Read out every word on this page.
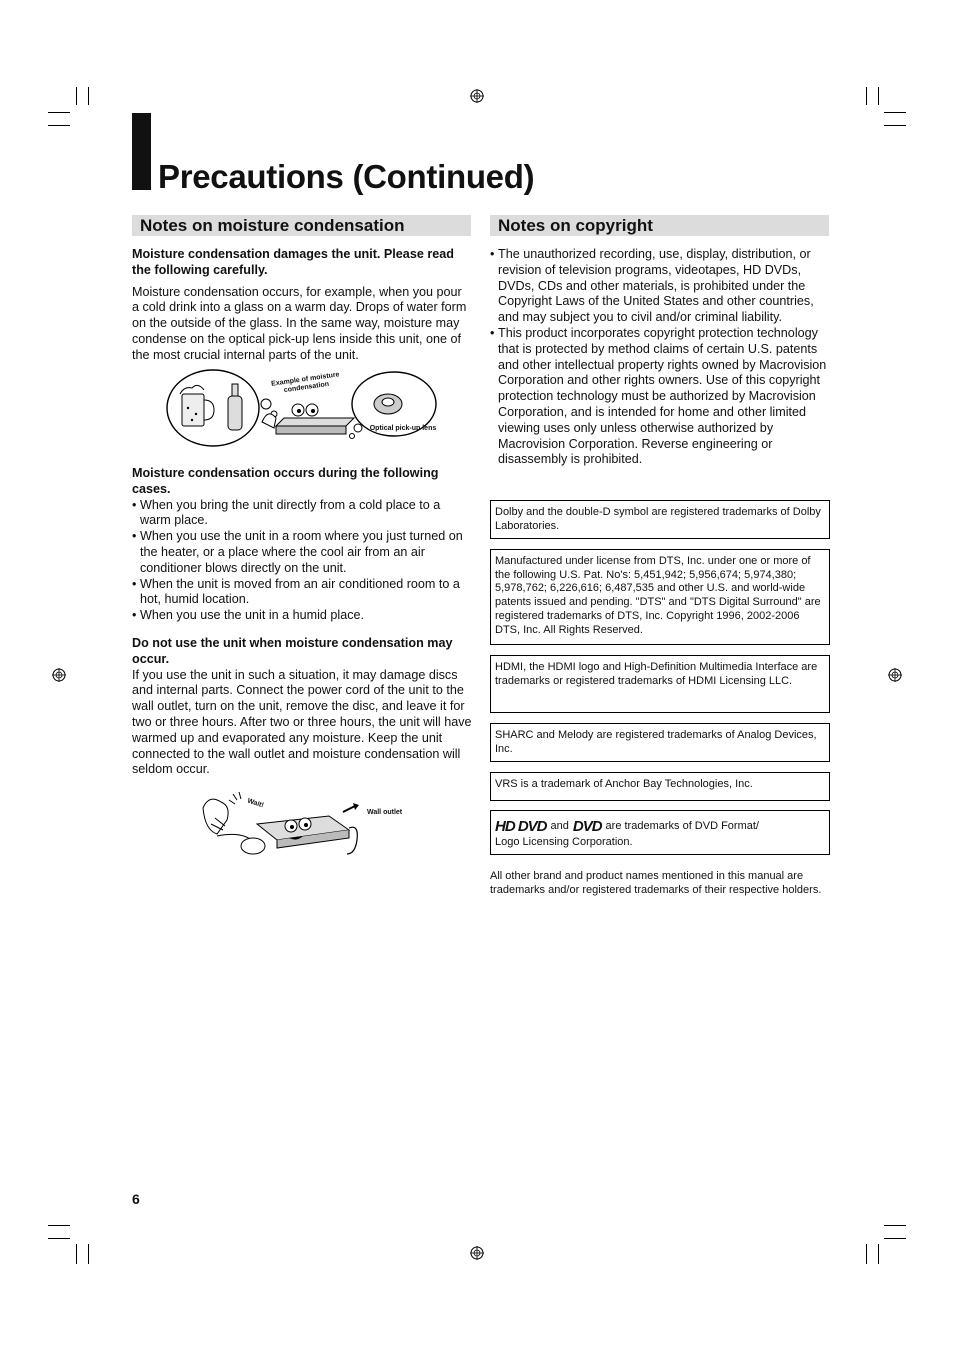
Precautions (Continued)
Notes on moisture condensation

Moisture condensation damages the unit. Please read the following carefully.

Moisture condensation occurs, for example, when you pour a cold drink into a glass on a warm day. Drops of water form on the outside of the glass. In the same way, moisture may condense on the optical pick-up lens inside this unit, one of the most crucial internal parts of the unit.

Example of moisture condensation
Optical pick-up lens

Moisture condensation occurs during the following cases.

• When you bring the unit directly from a cold place to a warm place.
• When you use the unit in a room where you just turned on the heater, or a place where the cool air from an air conditioner blows directly on the unit.
• When the unit is moved from an air conditioned room to a hot, humid location.
• When you use the unit in a humid place.

Do not use the unit when moisture condensation may occur.

If you use the unit in such a situation, it may damage discs and internal parts. Connect the power cord of the unit to the wall outlet, turn on the unit, remove the disc, and leave it for two or three hours. After two or three hours, the unit will have warmed up and evaporated any moisture. Keep the unit connected to the wall outlet and moisture condensation will seldom occur.

Wait!
Wall outlet
Notes on copyright
• The unauthorized recording, use, display, distribution, or revision of television programs, videotapes, HD DVDs, DVDs, CDs and other materials, is prohibited under the Copyright Laws of the United States and other countries, and may subject you to civil and/or criminal liability.
• This product incorporates copyright protection technology that is protected by method claims of certain U.S. patents and other intellectual property rights owned by Macrovision Corporation and other rights owners. Use of this copyright protection technology must be authorized by Macrovision Corporation, and is intended for home and other limited viewing uses only unless otherwise authorized by Macrovision Corporation. Reverse engineering or disassembly is prohibited.
Dolby and the double-D symbol are registered trademarks of Dolby Laboratories.
Manufactured under license from DTS, Inc. under one or more of the following U.S. Pat. No's: 5,451,942; 5,956,674; 5,974,380; 5,978,762; 6,226,616; 6,487,535 and other U.S. and world-wide patents issued and pending. "DTS" and "DTS Digital Surround" are registered trademarks of DTS, Inc. Copyright 1996, 2002-2006 DTS, Inc. All Rights Reserved.
HDMI, the HDMI logo and High-Definition Multimedia Interface are trademarks or registered trademarks of HDMI Licensing LLC.
SHARC and Melody are registered trademarks of Analog Devices, Inc.
VRS is a trademark of Anchor Bay Technologies, Inc.
HD DVD and DVD are trademarks of DVD Format/
Logo Licensing Corporation.
All other brand and product names mentioned in this manual are trademarks and/or registered trademarks of their respective holders.
6
